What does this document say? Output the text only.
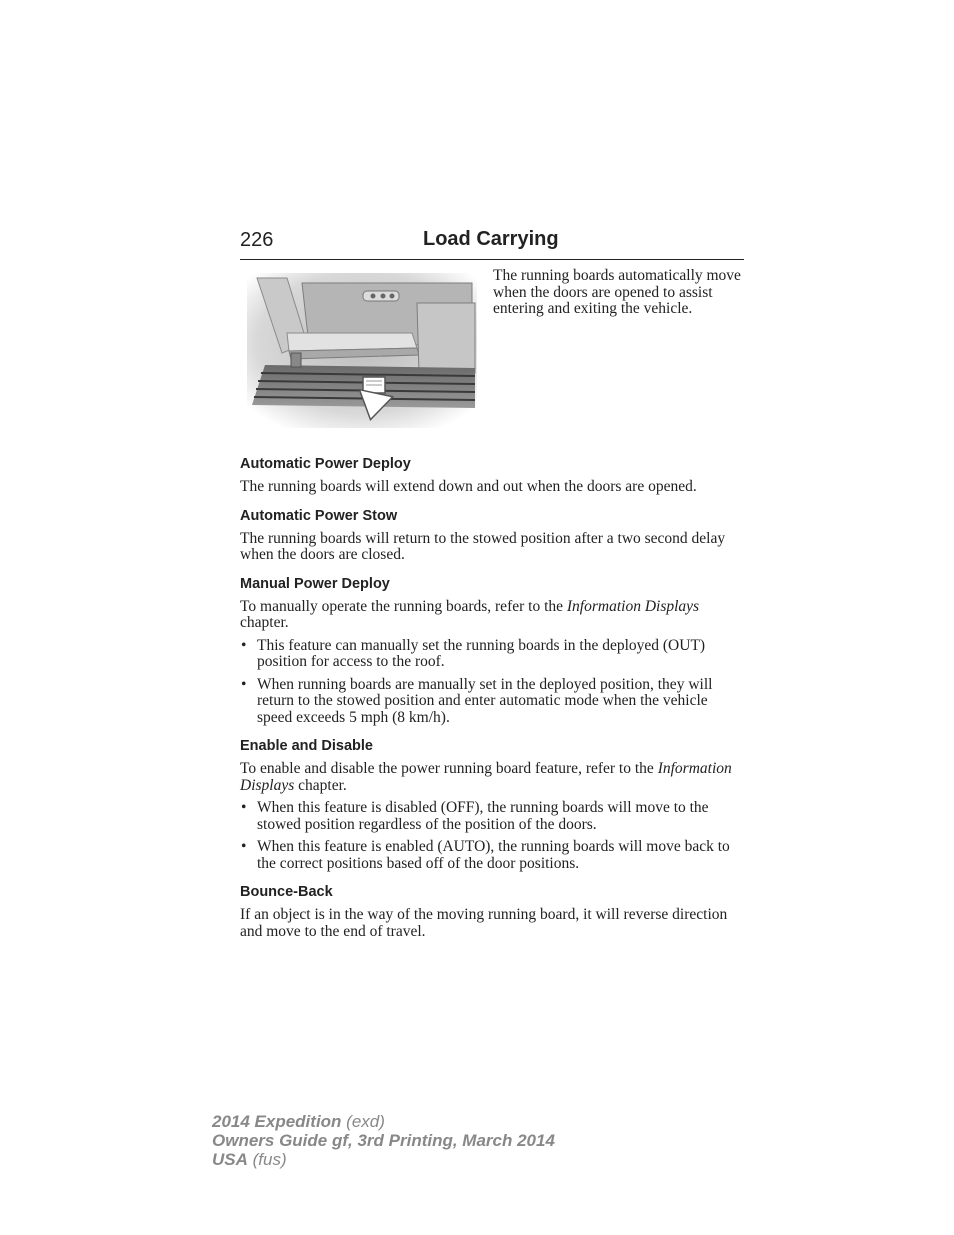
226	Load Carrying
The running boards automatically move when the doors are opened to assist entering and exiting the vehicle.
Automatic Power Deploy

The running boards will extend down and out when the doors are opened.

Automatic Power Stow

The running boards will return to the stowed position after a two second delay when the doors are closed.

Manual Power Deploy

To manually operate the running boards, refer to the Information Displays chapter.

• This feature can manually set the running boards in the deployed (OUT) position for access to the roof.
• When running boards are manually set in the deployed position, they will return to the stowed position and enter automatic mode when the vehicle speed exceeds 5 mph (8 km/h).
Enable and Disable

To enable and disable the power running board feature, refer to the Information Displays chapter.

• When this feature is disabled (OFF), the running boards will move to the stowed position regardless of the position of the doors.
• When this feature is enabled (AUTO), the running boards will move back to the correct positions based off of the door positions.
Bounce-Back

If an object is in the way of the moving running board, it will reverse direction and move to the end of travel.

2014 Expedition (exd)
Owners Guide gf, 3rd Printing, March 2014
USA (fus)
